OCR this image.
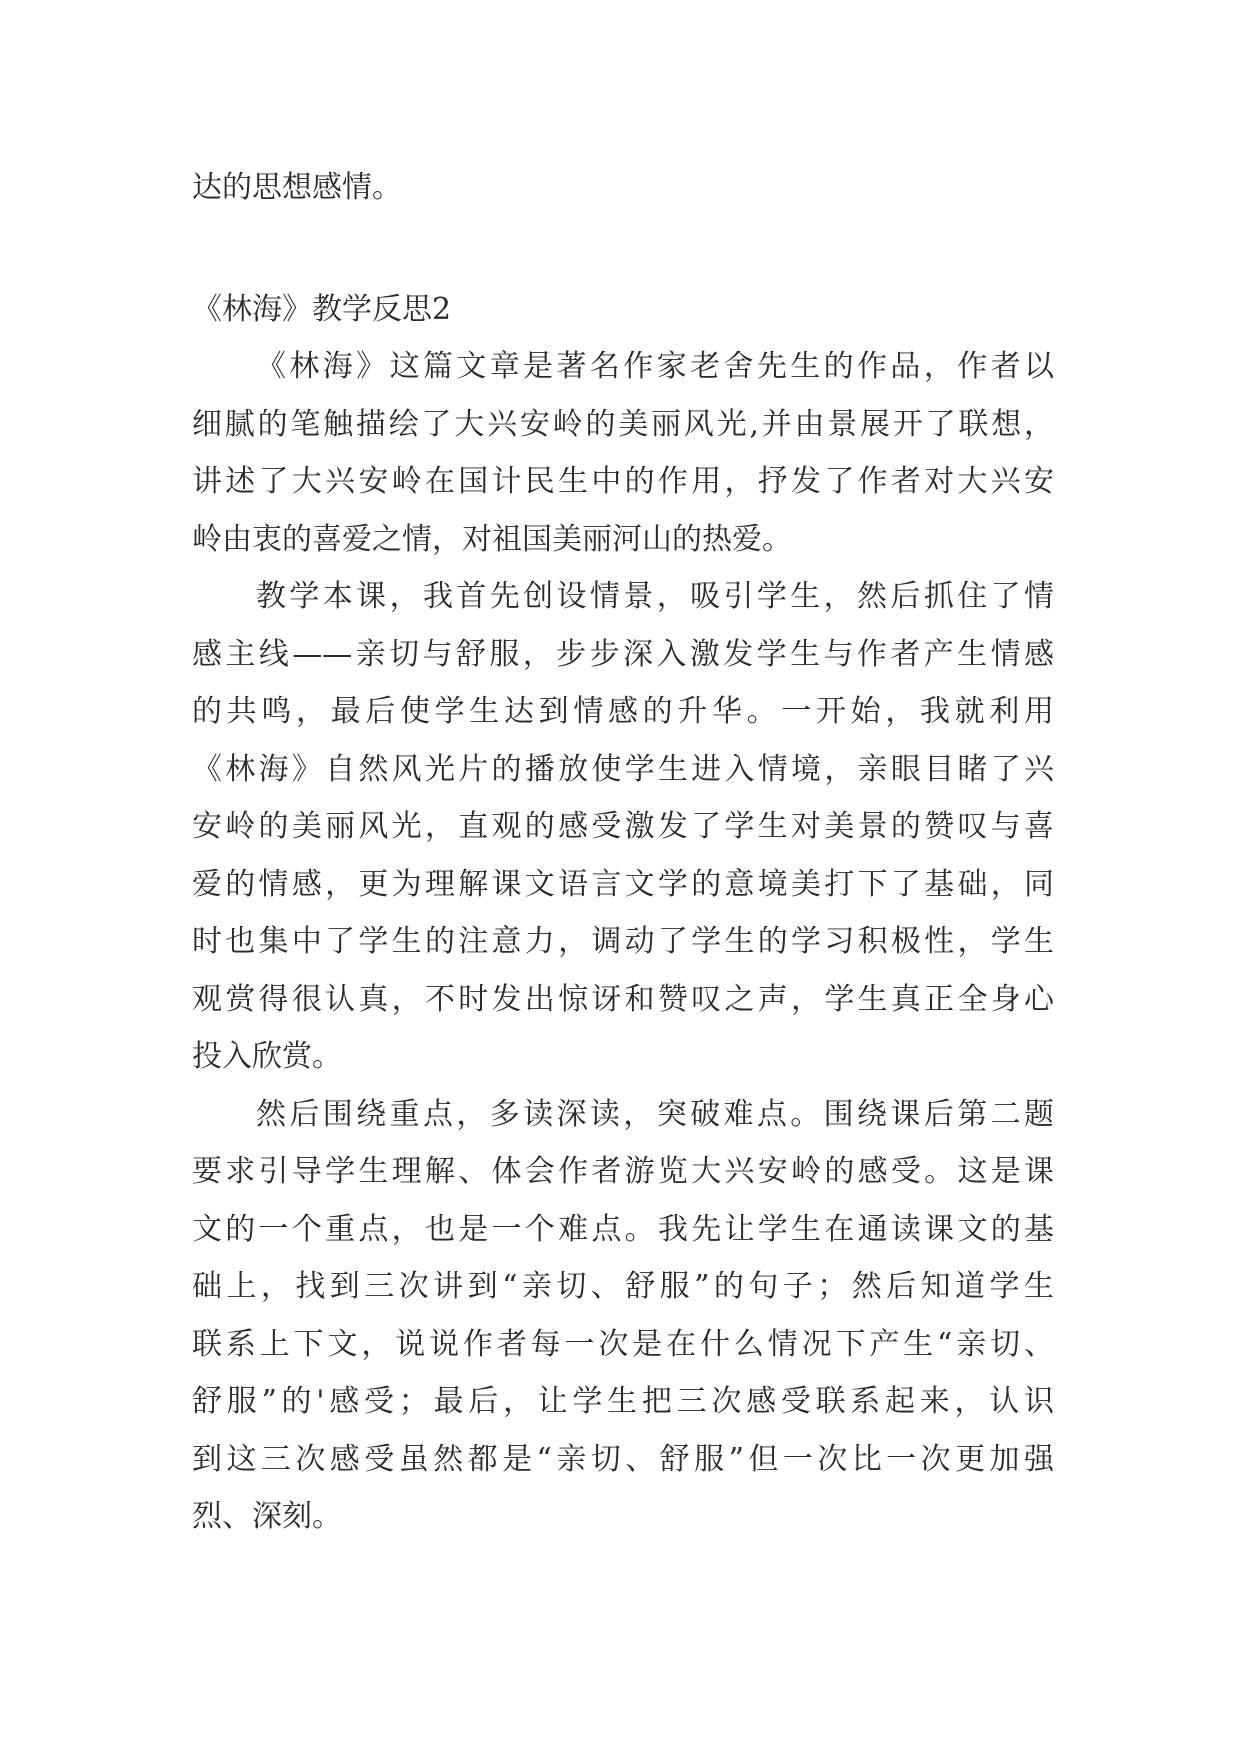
达的思想感情。
《林海》教学反思2
《林海》这篇文章是著名作家老舍先生的作品，作者以
细腻的笔触描绘了大兴安岭的美丽风光,并由景展开了联想，
讲述了大兴安岭在国计民生中的作用，抒发了作者对大兴安
岭由衷的喜爱之情，对祖国美丽河山的热爱。
教学本课，我首先创设情景，吸引学生，然后抓住了情
感主线——亲切与舒服，步步深入激发学生与作者产生情感
的共鸣，最后使学生达到情感的升华。一开始，我就利用
《林海》自然风光片的播放使学生进入情境，亲眼目睹了兴
安岭的美丽风光，直观的感受激发了学生对美景的赞叹与喜
爱的情感，更为理解课文语言文学的意境美打下了基础，同
时也集中了学生的注意力，调动了学生的学习积极性，学生
观赏得很认真，不时发出惊讶和赞叹之声，学生真正全身心
投入欣赏。
然后围绕重点，多读深读，突破难点。围绕课后第二题
要求引导学生理解、体会作者游览大兴安岭的感受。这是课
文的一个重点，也是一个难点。我先让学生在通读课文的基
础上，找到三次讲到“亲切、舒服”的句子；然后知道学生
联系上下文，说说作者每一次是在什么情况下产生“亲切、
舒服”的'感受；最后，让学生把三次感受联系起来，认识
到这三次感受虽然都是“亲切、舒服”但一次比一次更加强
烈、深刻。
